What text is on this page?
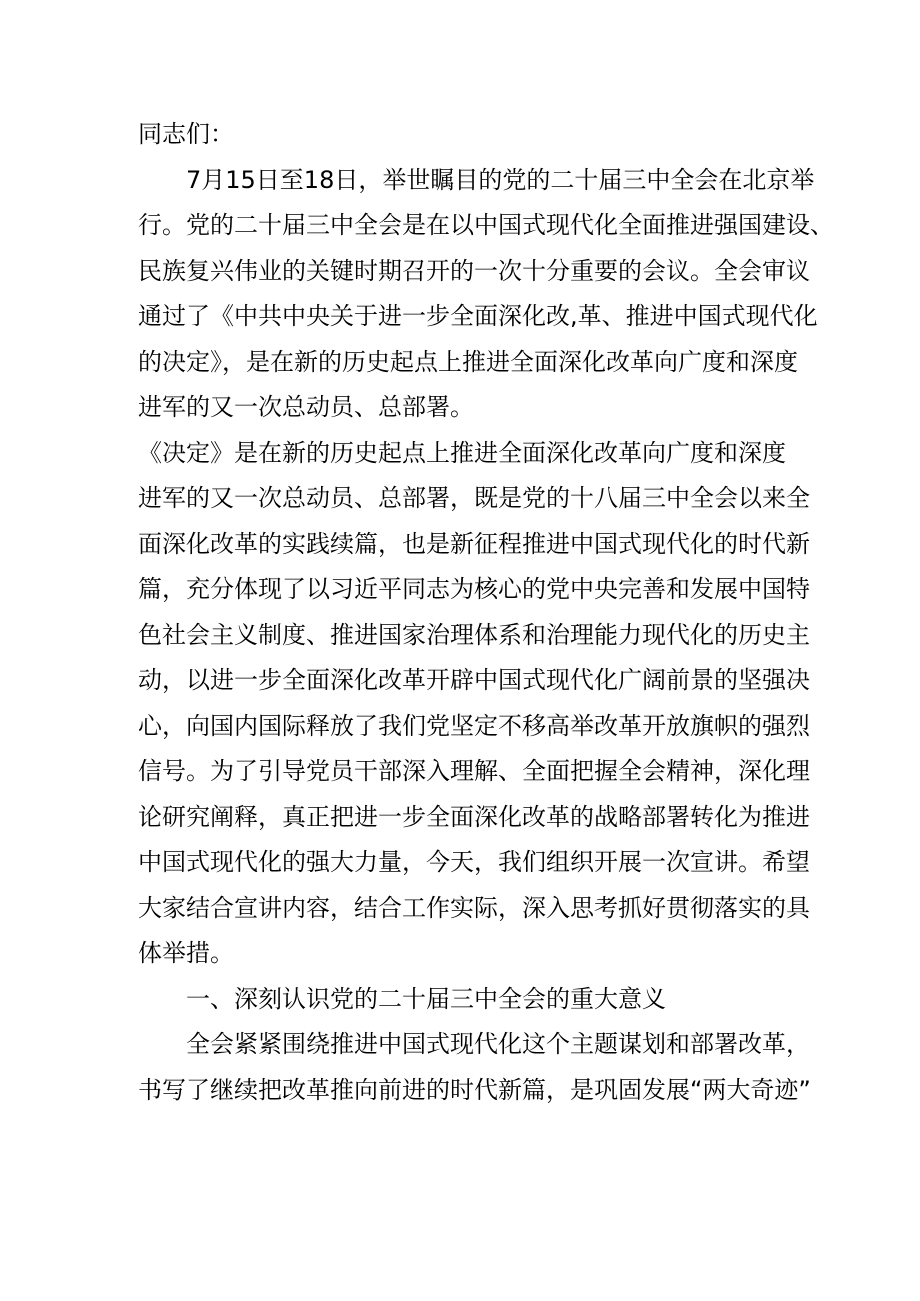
同志们：
7月15日至18日，举世瞩目的党的二十届三中全会在北京举
行。党的二十届三中全会是在以中国式现代化全面推进强国建设、
民族复兴伟业的关键时期召开的一次十分重要的会议。全会审议
通过了《中共中央关于进一步全面深化改,革、推进中国式现代化
的决定》，是在新的历史起点上推进全面深化改革向广度和深度
进军的又一次总动员、总部署。
《决定》是在新的历史起点上推进全面深化改革向广度和深度
进军的又一次总动员、总部署，既是党的十八届三中全会以来全
面深化改革的实践续篇，也是新征程推进中国式现代化的时代新
篇，充分体现了以习近平同志为核心的党中央完善和发展中国特
色社会主义制度、推进国家治理体系和治理能力现代化的历史主
动，以进一步全面深化改革开辟中国式现代化广阔前景的坚强决
心，向国内国际释放了我们党坚定不移高举改革开放旗帜的强烈
信号。为了引导党员干部深入理解、全面把握全会精神，深化理
论研究阐释，真正把进一步全面深化改革的战略部署转化为推进
中国式现代化的强大力量，今天，我们组织开展一次宣讲。希望
大家结合宣讲内容，结合工作实际，深入思考抓好贯彻落实的具
体举措。
一、深刻认识党的二十届三中全会的重大意义
全会紧紧围绕推进中国式现代化这个主题谋划和部署改革，
书写了继续把改革推向前进的时代新篇，是巩固发展“两大奇迹”
